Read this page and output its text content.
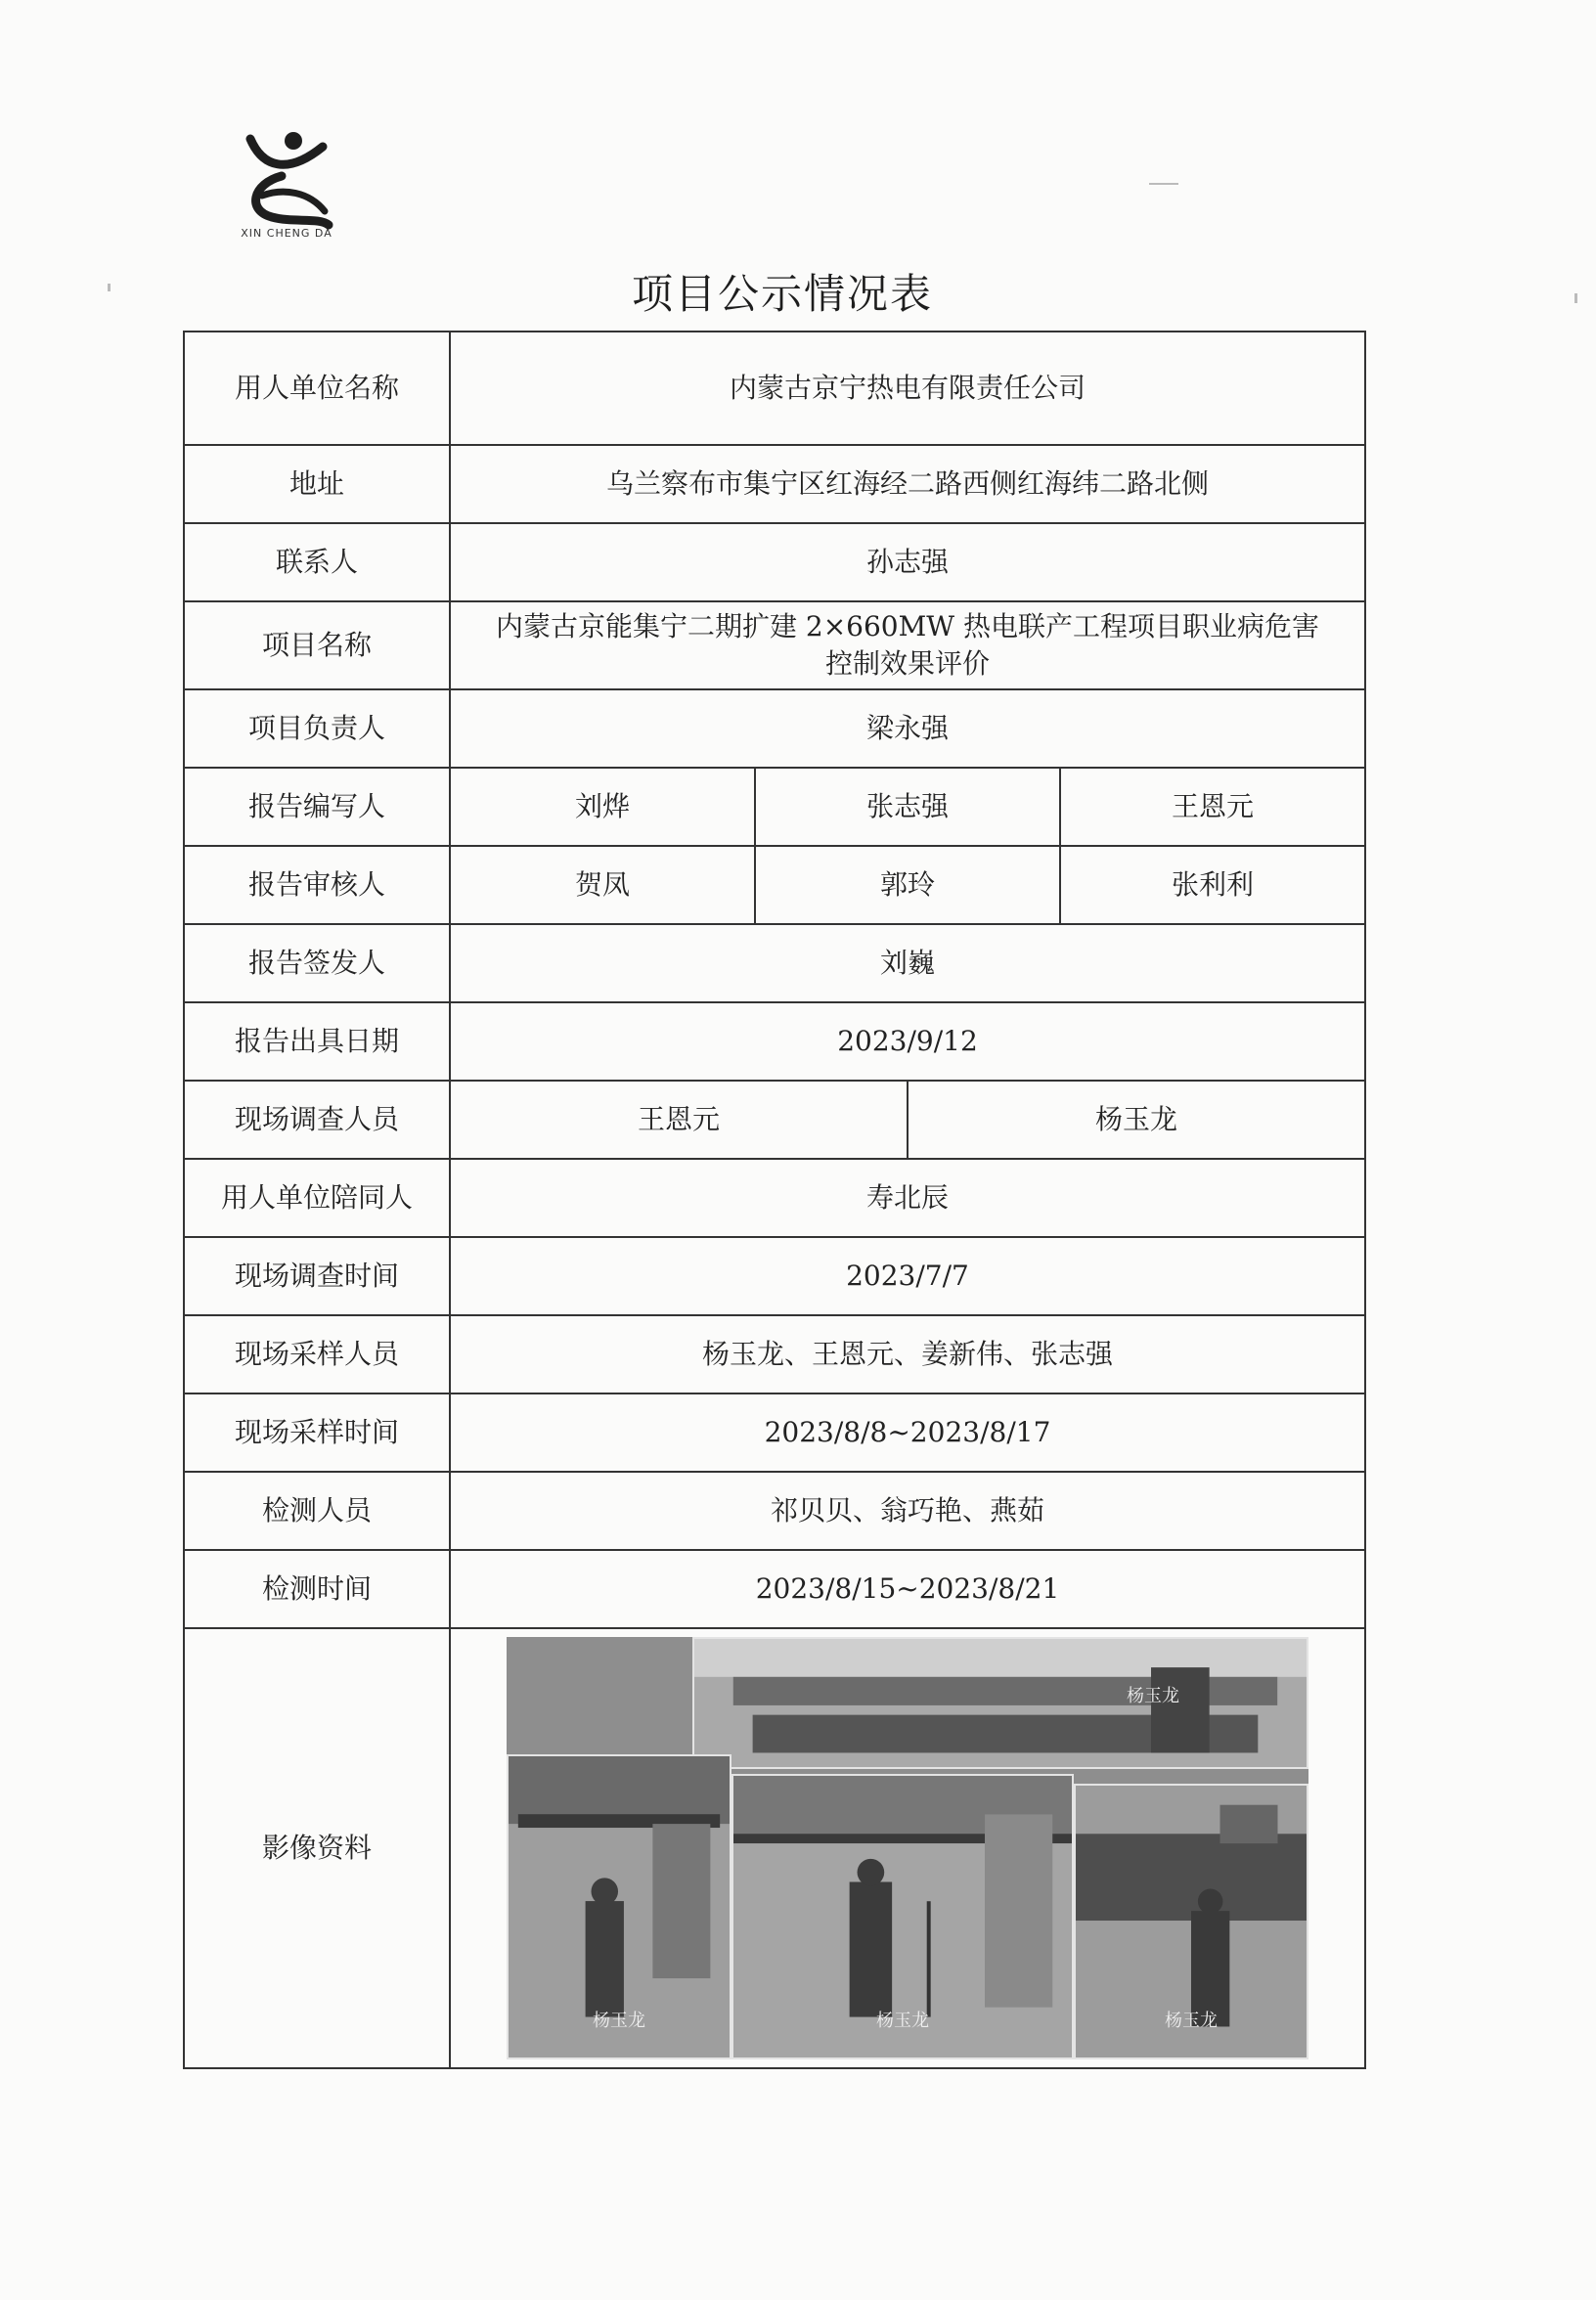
XIN CHENG DA
项目公示情况表
用人单位名称	内蒙古京宁热电有限责任公司			
地址	乌兰察布市集宁区红海经二路西侧红海纬二路北侧			
联系人	孙志强			
项目名称	内蒙古京能集宁二期扩建 2×660MW 热电联产工程项目职业病危害控制效果评价			
项目负责人	梁永强			
报告编写人	刘烨	张志强		王恩元
报告审核人	贺凤	郭玲		张利利
报告签发人	刘巍			
报告出具日期	2023/9/12			
现场调查人员	王恩元		杨玉龙	
用人单位陪同人	寿北辰			
现场调查时间	2023/7/7			
现场采样人员	杨玉龙、王恩元、姜新伟、张志强			
现场采样时间	2023/8/8~2023/8/17			
检测人员	祁贝贝、翁巧艳、燕茹			
检测时间	2023/8/15~2023/8/21			
影像资料	杨玉龙
杨玉龙 杨玉龙 杨玉龙			
